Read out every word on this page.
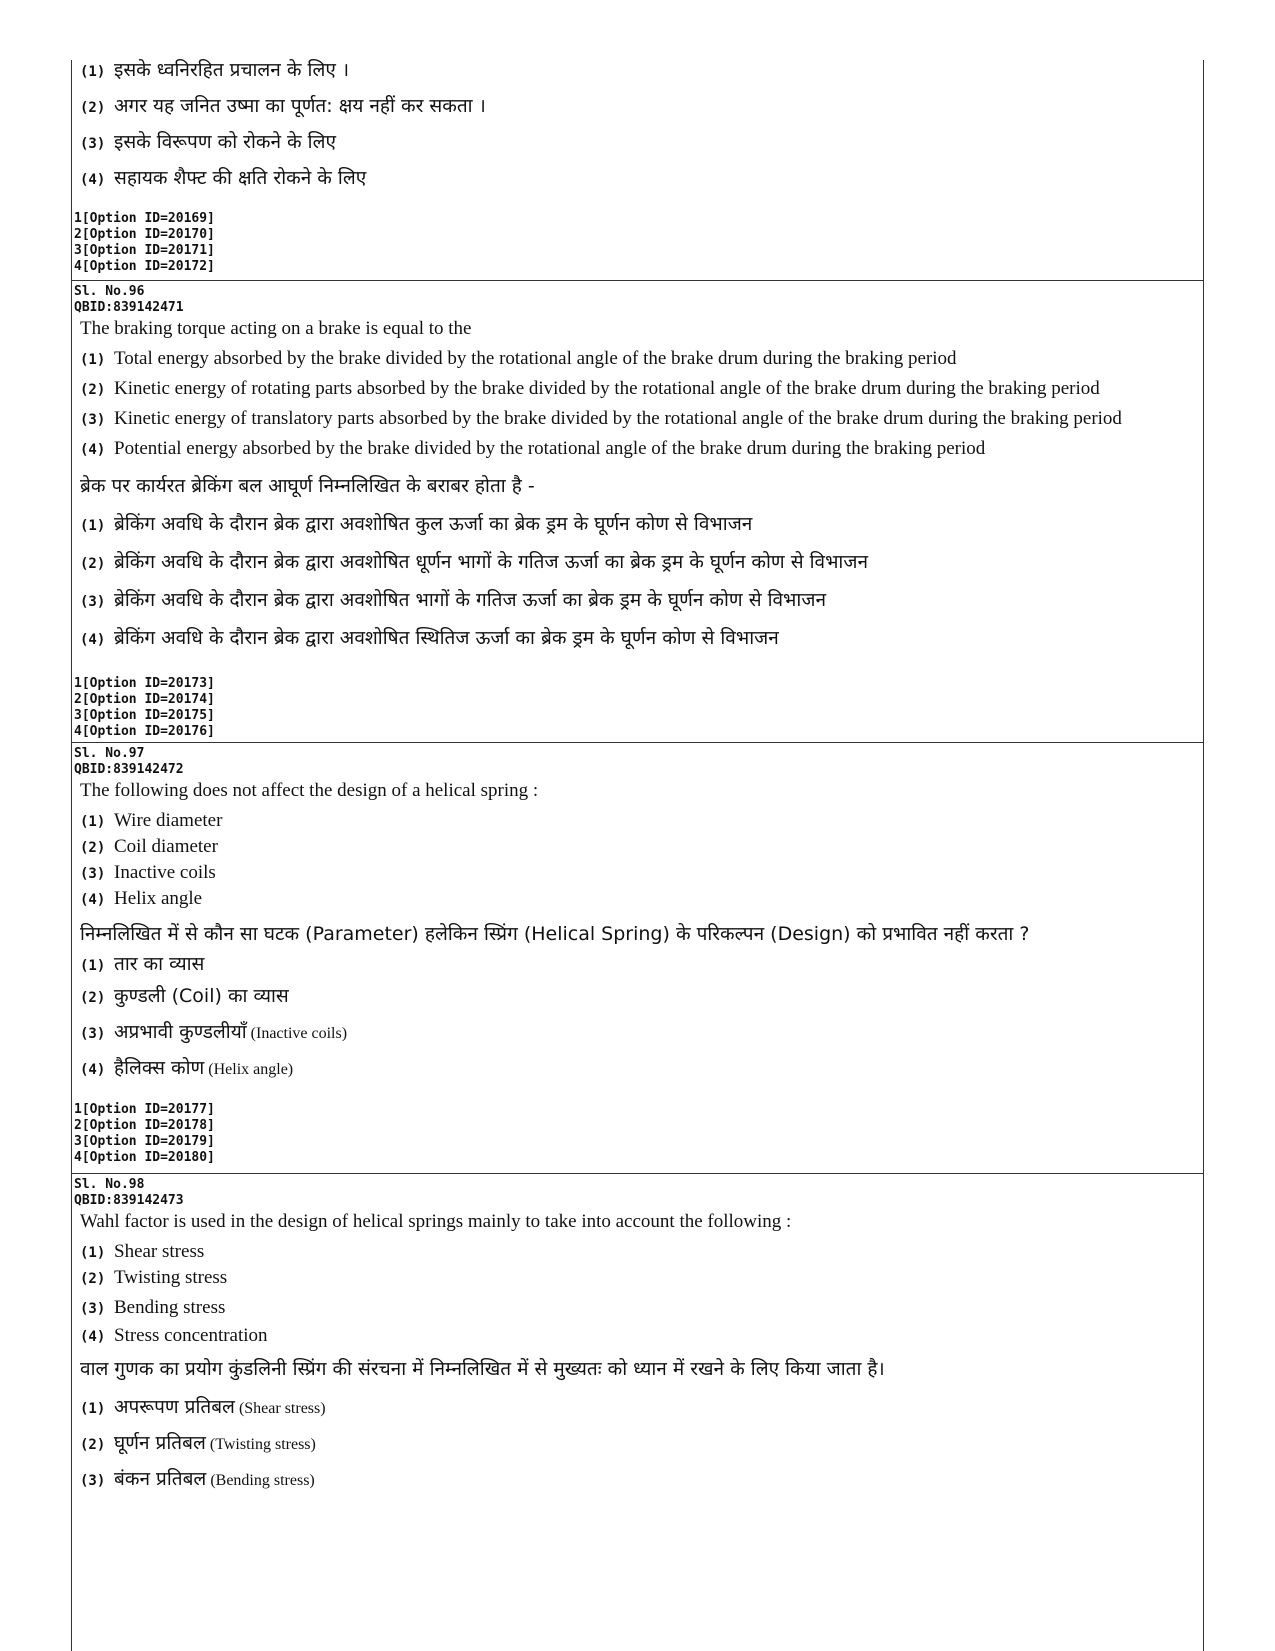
(1) इसके ध्वनिरहित प्रचालन के लिए ।
(2) अगर यह जनित उष्मा का पूर्णत: क्षय नहीं कर सकता ।
(3) इसके विरूपण को रोकने के लिए
(4) सहायक शैफ्ट की क्षति रोकने के लिए
1[Option ID=20169]
2[Option ID=20170]
3[Option ID=20171]
4[Option ID=20172]
Sl. No.96
QBID:839142471
The braking torque acting on a brake is equal to the
(1) Total energy absorbed by the brake divided by the rotational angle of the brake drum during the braking period
(2) Kinetic energy of rotating parts absorbed by the brake divided by the rotational angle of the brake drum during the braking period
(3) Kinetic energy of translatory parts absorbed by the brake divided by the rotational angle of the brake drum during the braking period
(4) Potential energy absorbed by the brake divided by the rotational angle of the brake drum during the braking period
ब्रेक पर कार्यरत ब्रेकिंग बल आघूर्ण निम्नलिखित के बराबर होता है -
(1) ब्रेकिंग अवधि के दौरान ब्रेक द्वारा अवशोषित कुल ऊर्जा का ब्रेक ड्रम के घूर्णन कोण से विभाजन
(2) ब्रेकिंग अवधि के दौरान ब्रेक द्वारा अवशोषित धूर्णन भागों के गतिज ऊर्जा का ब्रेक ड्रम के घूर्णन कोण से विभाजन
(3) ब्रेकिंग अवधि के दौरान ब्रेक द्वारा अवशोषित भागों के गतिज ऊर्जा का ब्रेक ड्रम के घूर्णन कोण से विभाजन
(4) ब्रेकिंग अवधि के दौरान ब्रेक द्वारा अवशोषित स्थितिज ऊर्जा का ब्रेक ड्रम के घूर्णन कोण से विभाजन
1[Option ID=20173]
2[Option ID=20174]
3[Option ID=20175]
4[Option ID=20176]
Sl. No.97
QBID:839142472
The following does not affect the design of a helical spring :
(1) Wire diameter
(2) Coil diameter
(3) Inactive coils
(4) Helix angle
निम्नलिखित में से कौन सा घटक (Parameter) हलेकिन स्प्रिंग (Helical Spring) के परिकल्पन (Design) को प्रभावित नहीं करता ?
(1) तार का व्यास
(2) कुण्डली (Coil) का व्यास
(3) अप्रभावी कुण्डलीयाँ (Inactive coils)
(4) हैलिक्स कोण (Helix angle)
1[Option ID=20177]
2[Option ID=20178]
3[Option ID=20179]
4[Option ID=20180]
Sl. No.98
QBID:839142473
Wahl factor is used in the design of helical springs mainly to take into account the following :
(1) Shear stress
(2) Twisting stress
(3) Bending stress
(4) Stress concentration
वाल गुणक का प्रयोग कुंडलिनी स्प्रिंग की संरचना में निम्नलिखित में से मुख्यतः को ध्यान में रखने के लिए किया जाता है।
(1) अपरूपण प्रतिबल (Shear stress)
(2) घूर्णन प्रतिबल (Twisting stress)
(3) बंकन प्रतिबल (Bending stress)
